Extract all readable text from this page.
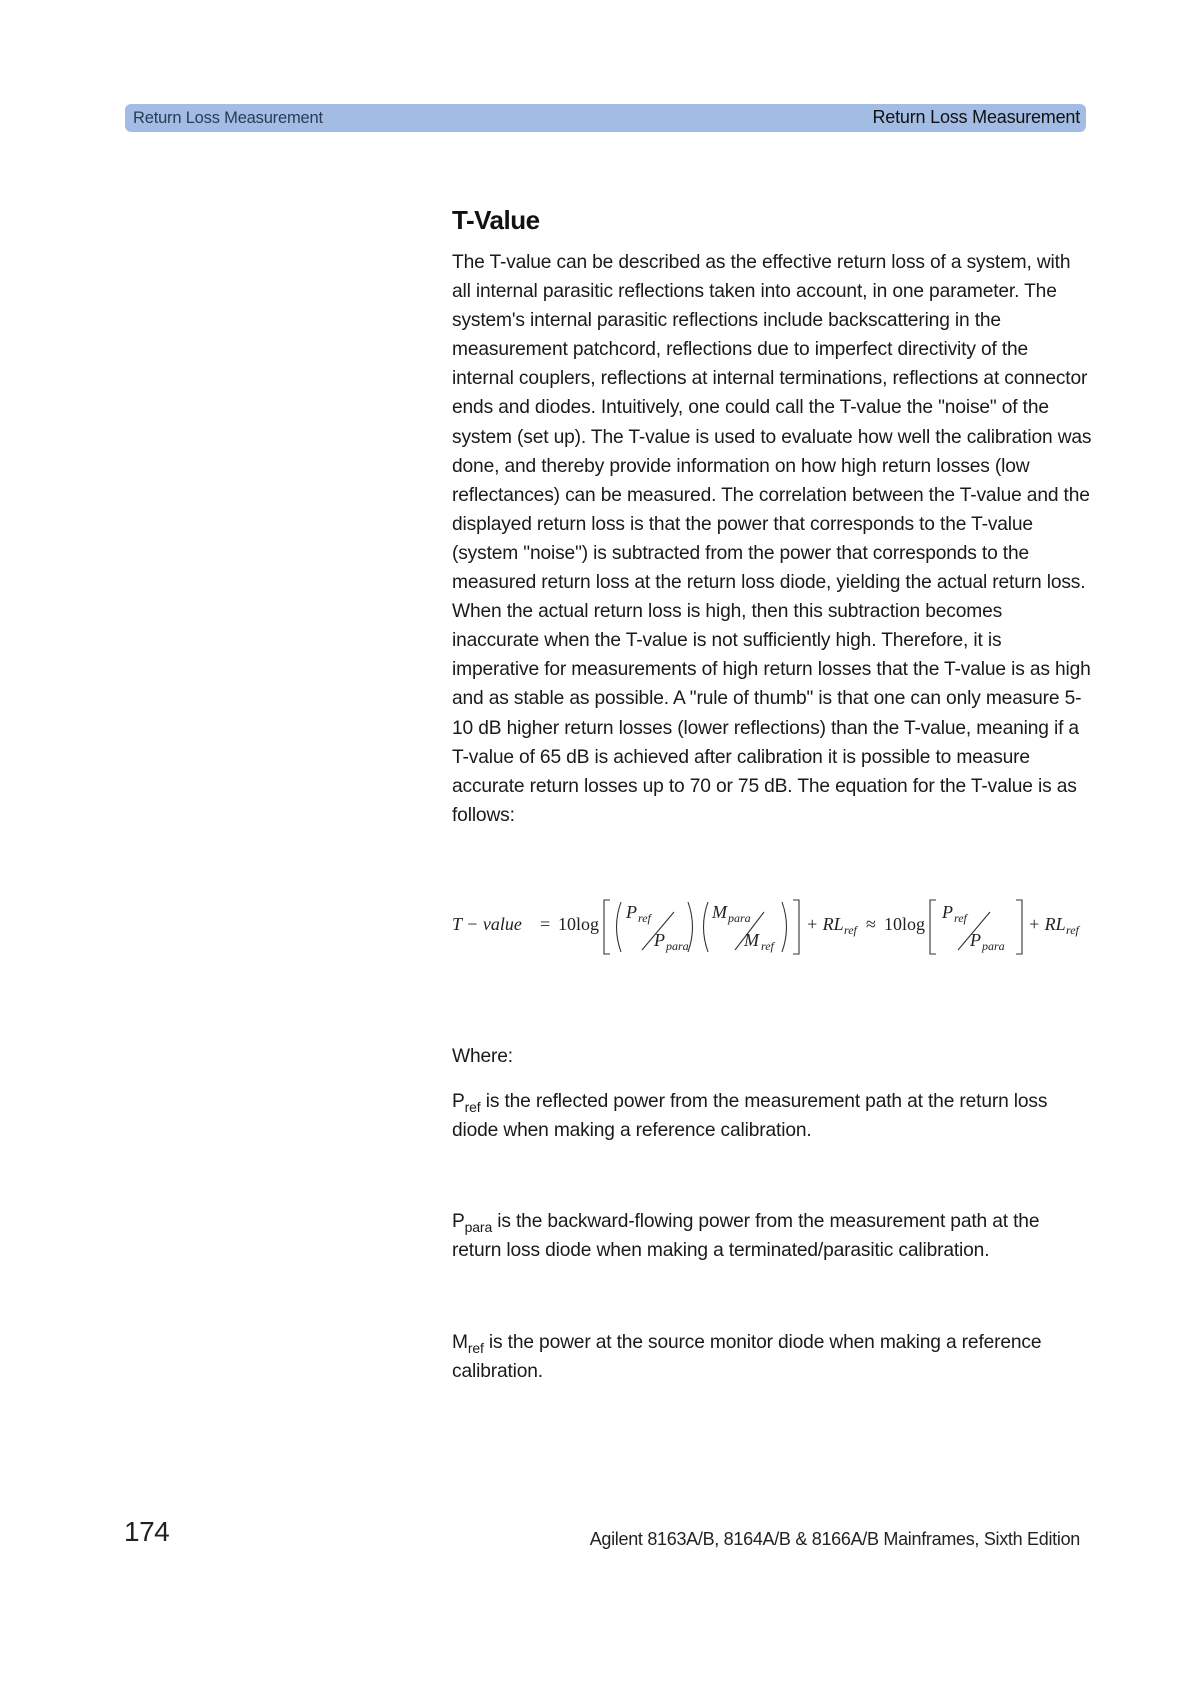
Return Loss Measurement	Return Loss Measurement
T-Value
The T-value can be described as the effective return loss of a system, with all internal parasitic reflections taken into account, in one parameter. The system's internal parasitic reflections include backscattering in the measurement patchcord, reflections due to imperfect directivity of the internal couplers, reflections at internal terminations, reflections at connector ends and diodes. Intuitively, one could call the T-value the "noise" of the system (set up). The T-value is used to evaluate how well the calibration was done, and thereby provide information on how high return losses (low reflectances) can be measured. The correlation between the T-value and the displayed return loss is that the power that corresponds to the T-value (system "noise") is subtracted from the power that corresponds to the measured return loss at the return loss diode, yielding the actual return loss. When the actual return loss is high, then this subtraction becomes inaccurate when the T-value is not sufficiently high. Therefore, it is imperative for measurements of high return losses that the T-value is as high and as stable as possible. A "rule of thumb" is that one can only measure 5-10 dB higher return losses (lower reflections) than the T-value, meaning if a T-value of 65 dB is achieved after calibration it is possible to measure accurate return losses up to 70 or 75 dB. The equation for the T-value is as follows:
T − value = 10log
P ref
P para
M para
M ref
+ RL ref ≈ 10log
P ref
P para
+ RL ref
Where:
$P_{ref}$ is the reflected power from the measurement path at the return loss diode when making a reference calibration.
$P_{para}$ is the backward-flowing power from the measurement path at the return loss diode when making a terminated/parasitic calibration.
$M_{ref}$ is the power at the source monitor diode when making a reference calibration.
174	Agilent 8163A/B, 8164A/B & 8166A/B Mainframes, Sixth Edition
